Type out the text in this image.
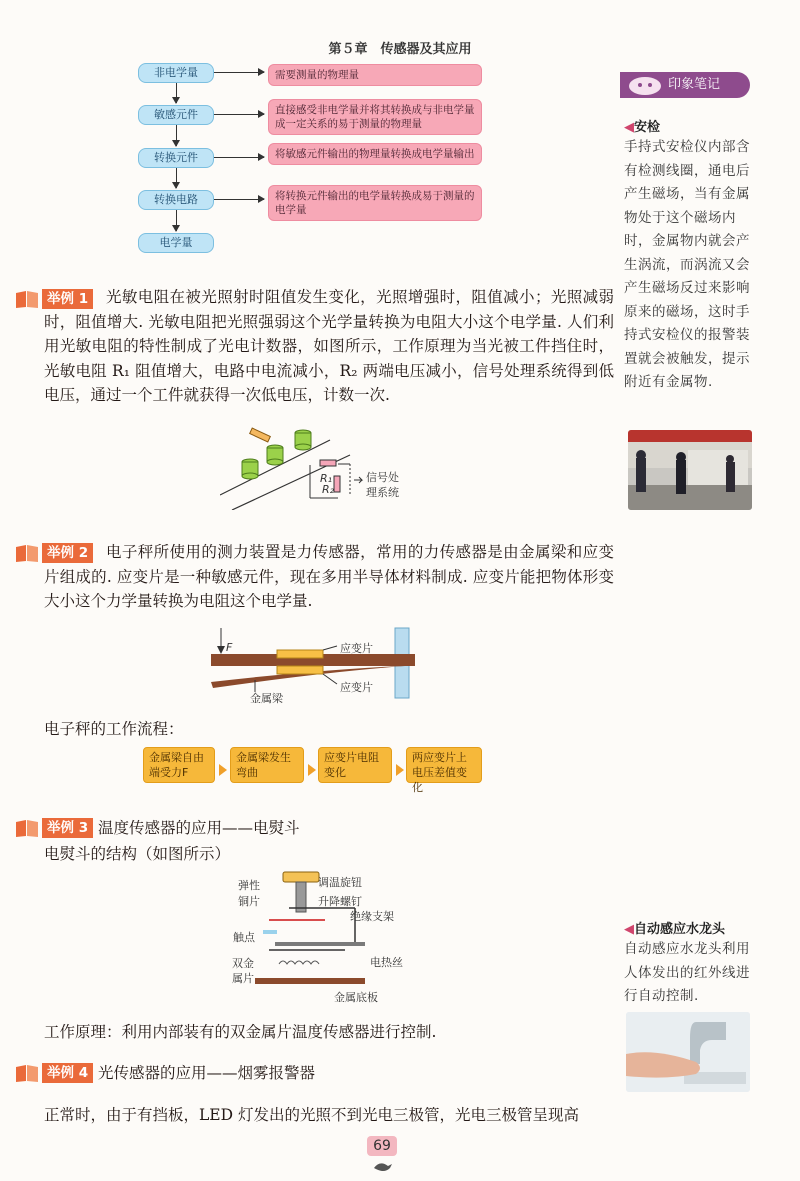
第５章　传感器及其应用
非电学量
敏感元件
转换元件
转换电路
电学量
需要测量的物理量
直接感受非电学量并将其转换成与非电学量成一定关系的易于测量的物理量
将敏感元件输出的物理量转换成电学量输出
将转换元件输出的电学量转换成易于测量的电学量
印象笔记
◀安检
手持式安检仪内部含有检测线圈，通电后产生磁场，当有金属物处于这个磁场内时，金属物内就会产生涡流，而涡流又会产生磁场反过来影响原来的磁场，这时手持式安检仪的报警装置就会被触发，提示附近有金属物.
◀自动感应水龙头
自动感应水龙头利用人体发出的红外线进行自动控制.
举例 1	光敏电阻在被光照射时阻值发生变化，光照增强时，阻值减小；光照减弱时，阻值增大. 光敏电阻把光照强弱这个光学量转换为电阻大小这个电学量. 人们利用光敏电阻的特性制成了光电计数器，如图所示，工作原理为当光被工件挡住时，光敏电阻 R₁ 阻值增大，电路中电流减小，R₂ 两端电压减小，信号处理系统得到低电压，通过一个工件就获得一次低电压，计数一次.
信号处
理系统
R₁
R₂
举例 2	电子秤所使用的测力装置是力传感器，常用的力传感器是由金属梁和应变片组成的. 应变片是一种敏感元件，现在多用半导体材料制成. 应变片能把物体形变大小这个力学量转换为电阻这个电学量.
F	应变片
应变片
金属梁
电子秤的工作流程：
金属梁自由端受力F
金属梁发生弯曲
应变片电阻变化
两应变片上电压差值变化
举例 3 温度传感器的应用——电熨斗
电熨斗的结构（如图所示）
调温旋钮
升降螺钉
弹性
铜片
绝缘支架
触点
双金
属片
电热丝
金属底板
工作原理：利用内部装有的双金属片温度传感器进行控制.
举例 4 光传感器的应用——烟雾报警器
正常时，由于有挡板，LED 灯发出的光照不到光电三极管，光电三极管呈现高
69
